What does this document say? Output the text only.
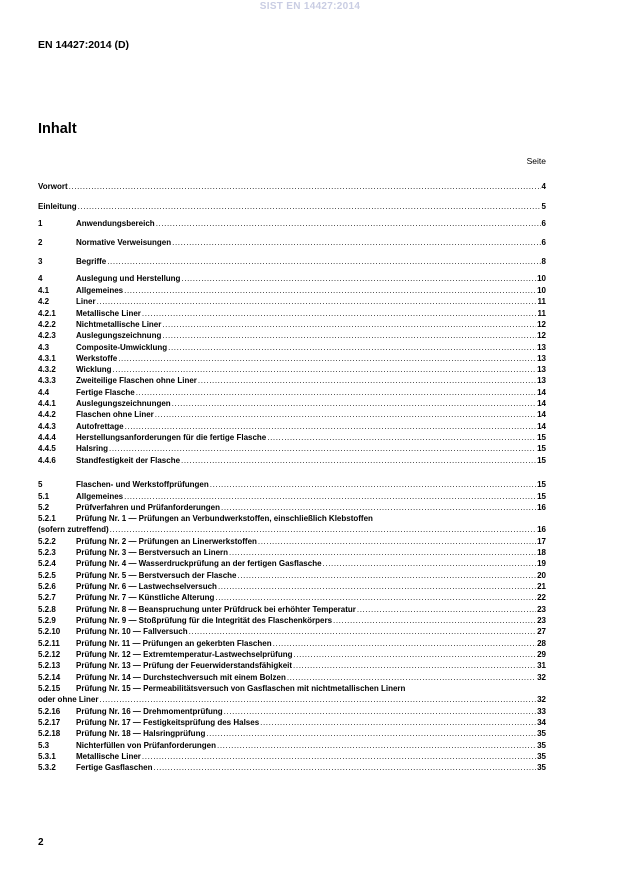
SIST EN 14427:2014
EN 14427:2014 (D)
Inhalt
Seite
Vorwort .....	4
Einleitung .....	5
1	Anwendungsbereich .....	6
2	Normative Verweisungen .....	6
3	Begriffe .....	8
4	Auslegung und Herstellung .....	10
4.1	Allgemeines .....	10
4.2	Liner .....	11
4.2.1	Metallische Liner .....	11
4.2.2	Nichtmetallische Liner .....	12
4.2.3	Auslegungszeichnung .....	12
4.3	Composite-Umwicklung .....	13
4.3.1	Werkstoffe .....	13
4.3.2	Wicklung .....	13
4.3.3	Zweiteilige Flaschen ohne Liner .....	13
4.4	Fertige Flasche .....	14
4.4.1	Auslegungszeichnungen .....	14
4.4.2	Flaschen ohne Liner .....	14
4.4.3	Autofrettage .....	14
4.4.4	Herstellungsanforderungen für die fertige Flasche .....	15
4.4.5	Halsring .....	15
4.4.6	Standfestigkeit der Flasche .....	15
5	Flaschen- und Werkstoffprüfungen .....	15
5.1	Allgemeines .....	15
5.2	Prüfverfahren und Prüfanforderungen .....	16
5.2.1	Prüfung Nr. 1 — Prüfungen an Verbundwerkstoffen, einschließlich Klebstoffen
(sofern zutreffend) .....	16
5.2.2	Prüfung Nr. 2 — Prüfungen an Linerwerkstoffen .....	17
5.2.3	Prüfung Nr. 3 — Berstversuch an Linern .....	18
5.2.4	Prüfung Nr. 4 — Wasserdruckprüfung an der fertigen Gasflasche .....	19
5.2.5	Prüfung Nr. 5 — Berstversuch der Flasche .....	20
5.2.6	Prüfung Nr. 6 — Lastwechselversuch .....	21
5.2.7	Prüfung Nr. 7 — Künstliche Alterung .....	22
5.2.8	Prüfung Nr. 8 — Beanspruchung unter Prüfdruck bei erhöhter Temperatur .....	23
5.2.9	Prüfung Nr. 9 — Stoßprüfung für die Integrität des Flaschenkörpers .....	23
5.2.10 Prüfung Nr. 10 — Fallversuch .....	27
5.2.11 Prüfung Nr. 11 — Prüfungen an gekerbten Flaschen .....	28
5.2.12 Prüfung Nr. 12 — Extremtemperatur-Lastwechselprüfung .....	29
5.2.13 Prüfung Nr. 13 — Prüfung der Feuerwiderstandsfähigkeit .....	31
5.2.14 Prüfung Nr. 14 — Durchstechversuch mit einem Bolzen .....	32
5.2.15 Prüfung Nr. 15 — Permeabilitätsversuch von Gasflaschen mit nichtmetallischen Linern
oder ohne Liner .....	32
5.2.16 Prüfung Nr. 16 — Drehmomentprüfung .....	33
5.2.17 Prüfung Nr. 17 — Festigkeitsprüfung des Halses .....	34
5.2.18 Prüfung Nr. 18 — Halsringprüfung .....	35
5.3	Nichterfüllen von Prüfanforderungen .....	35
5.3.1	Metallische Liner .....	35
5.3.2	Fertige Gasflaschen .....	35
2
